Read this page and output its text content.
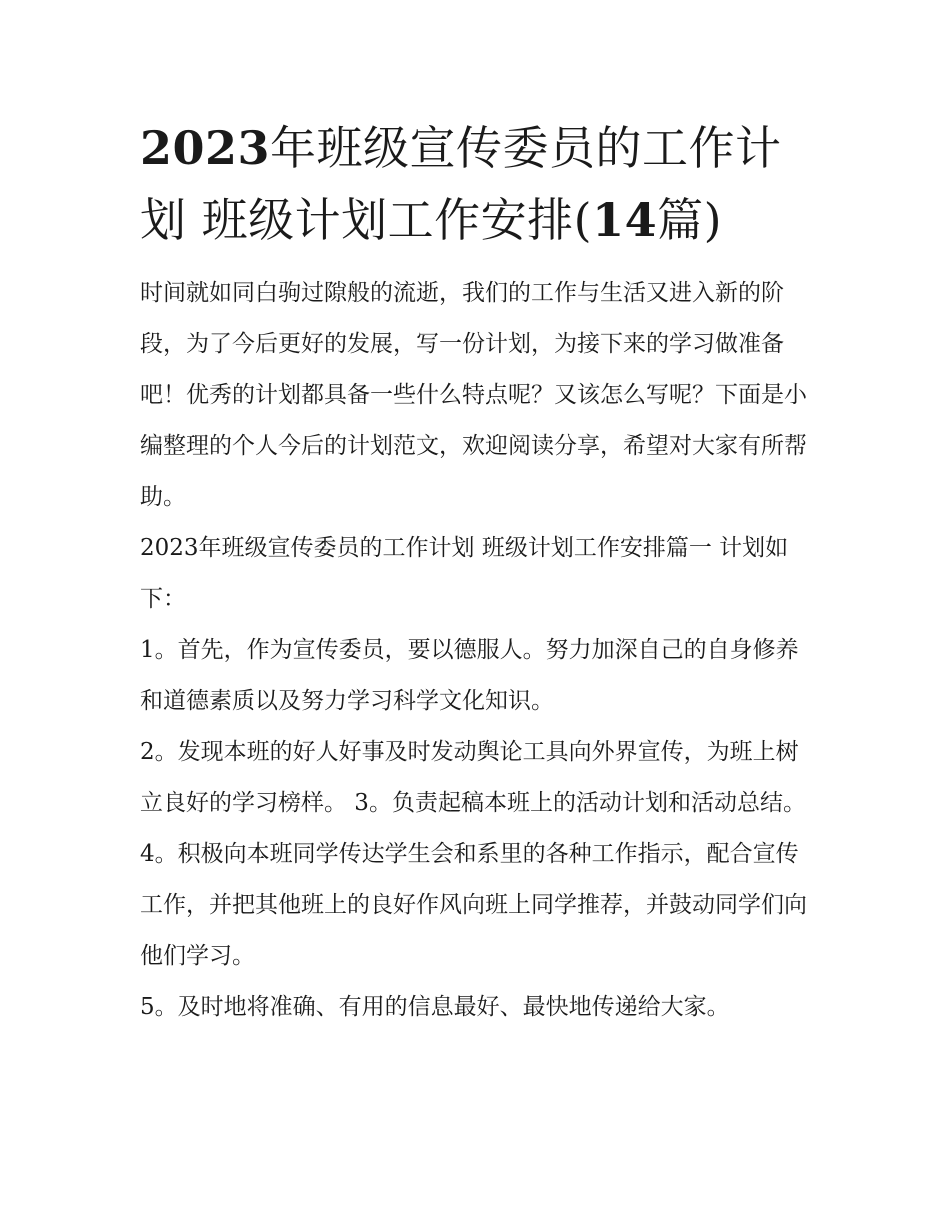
2023年班级宣传委员的工作计划 班级计划工作安排(14篇)

时间就如同白驹过隙般的流逝，我们的工作与生活又进入新的阶段，为了今后更好的发展，写一份计划，为接下来的学习做准备吧！优秀的计划都具备一些什么特点呢？又该怎么写呢？下面是小编整理的个人今后的计划范文，欢迎阅读分享，希望对大家有所帮助。

2023年班级宣传委员的工作计划 班级计划工作安排篇一 计划如下：

1。首先，作为宣传委员，要以德服人。努力加深自己的自身修养和道德素质以及努力学习科学文化知识。

2。发现本班的好人好事及时发动舆论工具向外界宣传，为班上树立良好的学习榜样。 3。负责起稿本班上的活动计划和活动总结。

4。积极向本班同学传达学生会和系里的各种工作指示，配合宣传工作，并把其他班上的良好作风向班上同学推荐，并鼓动同学们向他们学习。

5。及时地将准确、有用的信息最好、最快地传递给大家。
